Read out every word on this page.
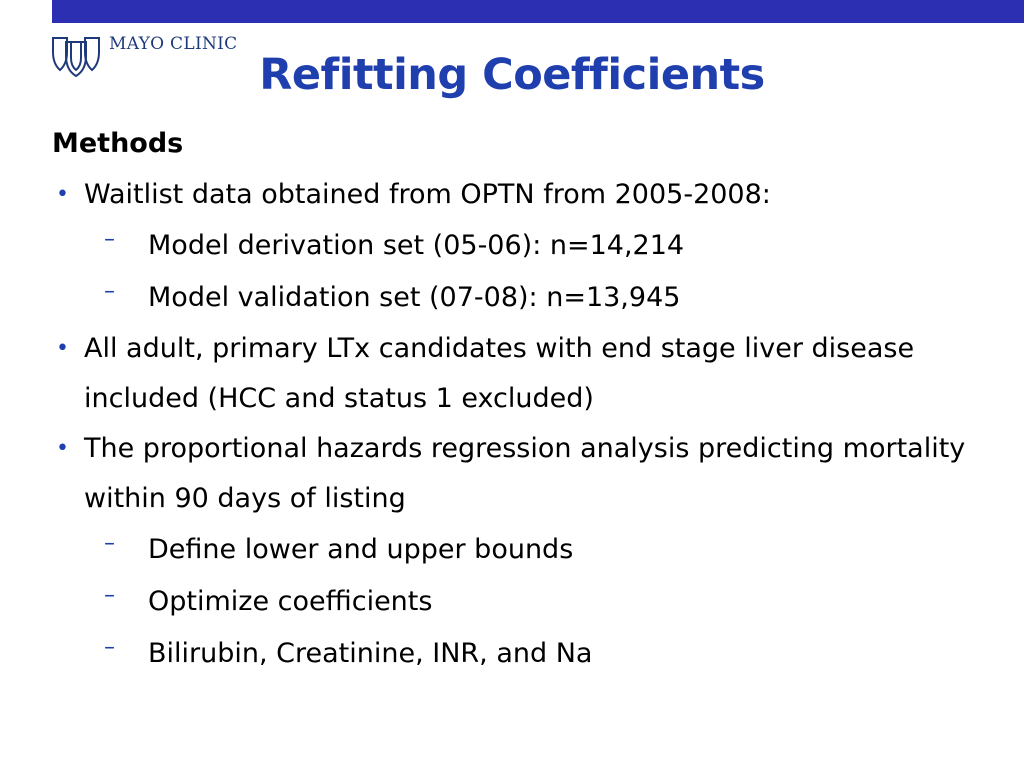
MAYO CLINIC
Refitting Coefficients

Methods

• Waitlist data obtained from OPTN from 2005-2008:

– Model derivation set (05-06): n=14,214

– Model validation set (07-08): n=13,945

• All adult, primary LTx candidates with end stage liver disease included (HCC and status 1 excluded)

• The proportional hazards regression analysis predicting mortality within 90 days of listing

– Define lower and upper bounds

– Optimize coefficients

– Bilirubin, Creatinine, INR, and Na
